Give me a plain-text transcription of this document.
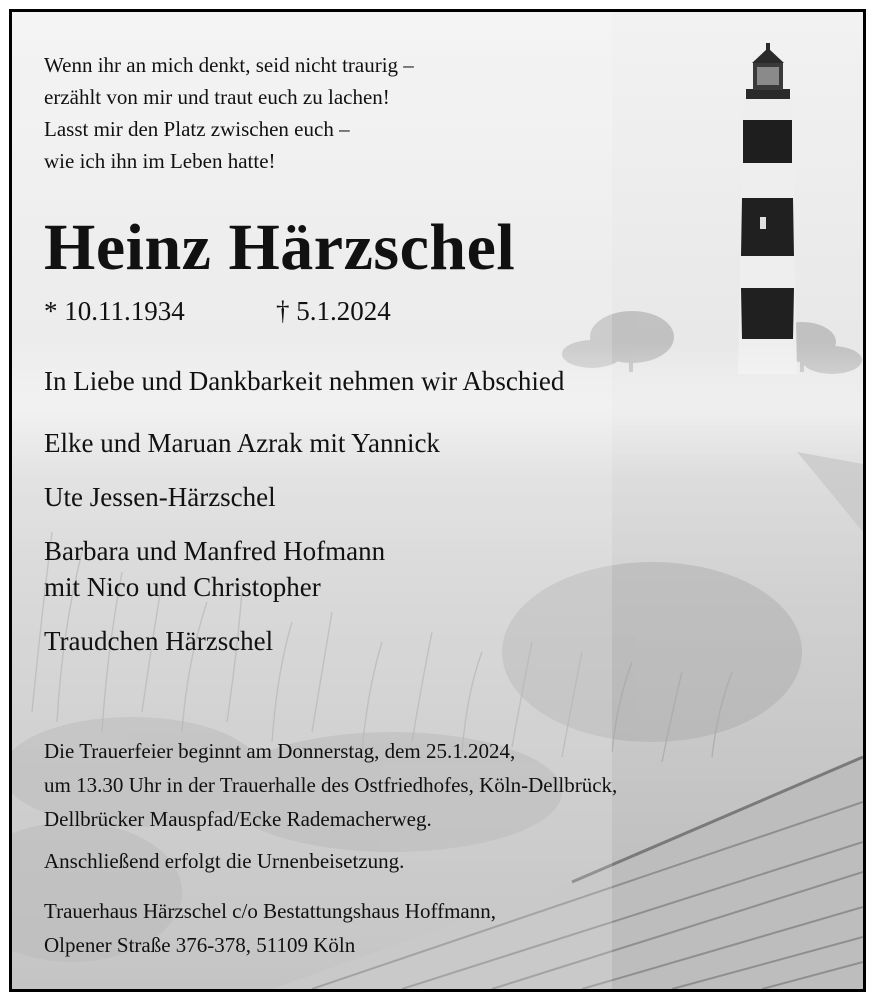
Wenn ihr an mich denkt, seid nicht traurig –

erzählt von mir und traut euch zu lachen!

Lasst mir den Platz zwischen euch –

wie ich ihn im Leben hatte!

Heinz Härzschel

* 10.11.1934	† 5.1.2024

In Liebe und Dankbarkeit nehmen wir Abschied

Elke und Maruan Azrak mit Yannick

Ute Jessen-Härzschel

Barbara und Manfred Hofmann

mit Nico und Christopher

Traudchen Härzschel

Die Trauerfeier beginnt am Donnerstag, dem 25.1.2024,

um 13.30 Uhr in der Trauerhalle des Ostfriedhofes, Köln-Dellbrück,

Dellbrücker Mauspfad/Ecke Rademacherweg.

Anschließend erfolgt die Urnenbeisetzung.

Trauerhaus Härzschel c/o Bestattungshaus Hoffmann,

Olpener Straße 376-378, 51109 Köln
